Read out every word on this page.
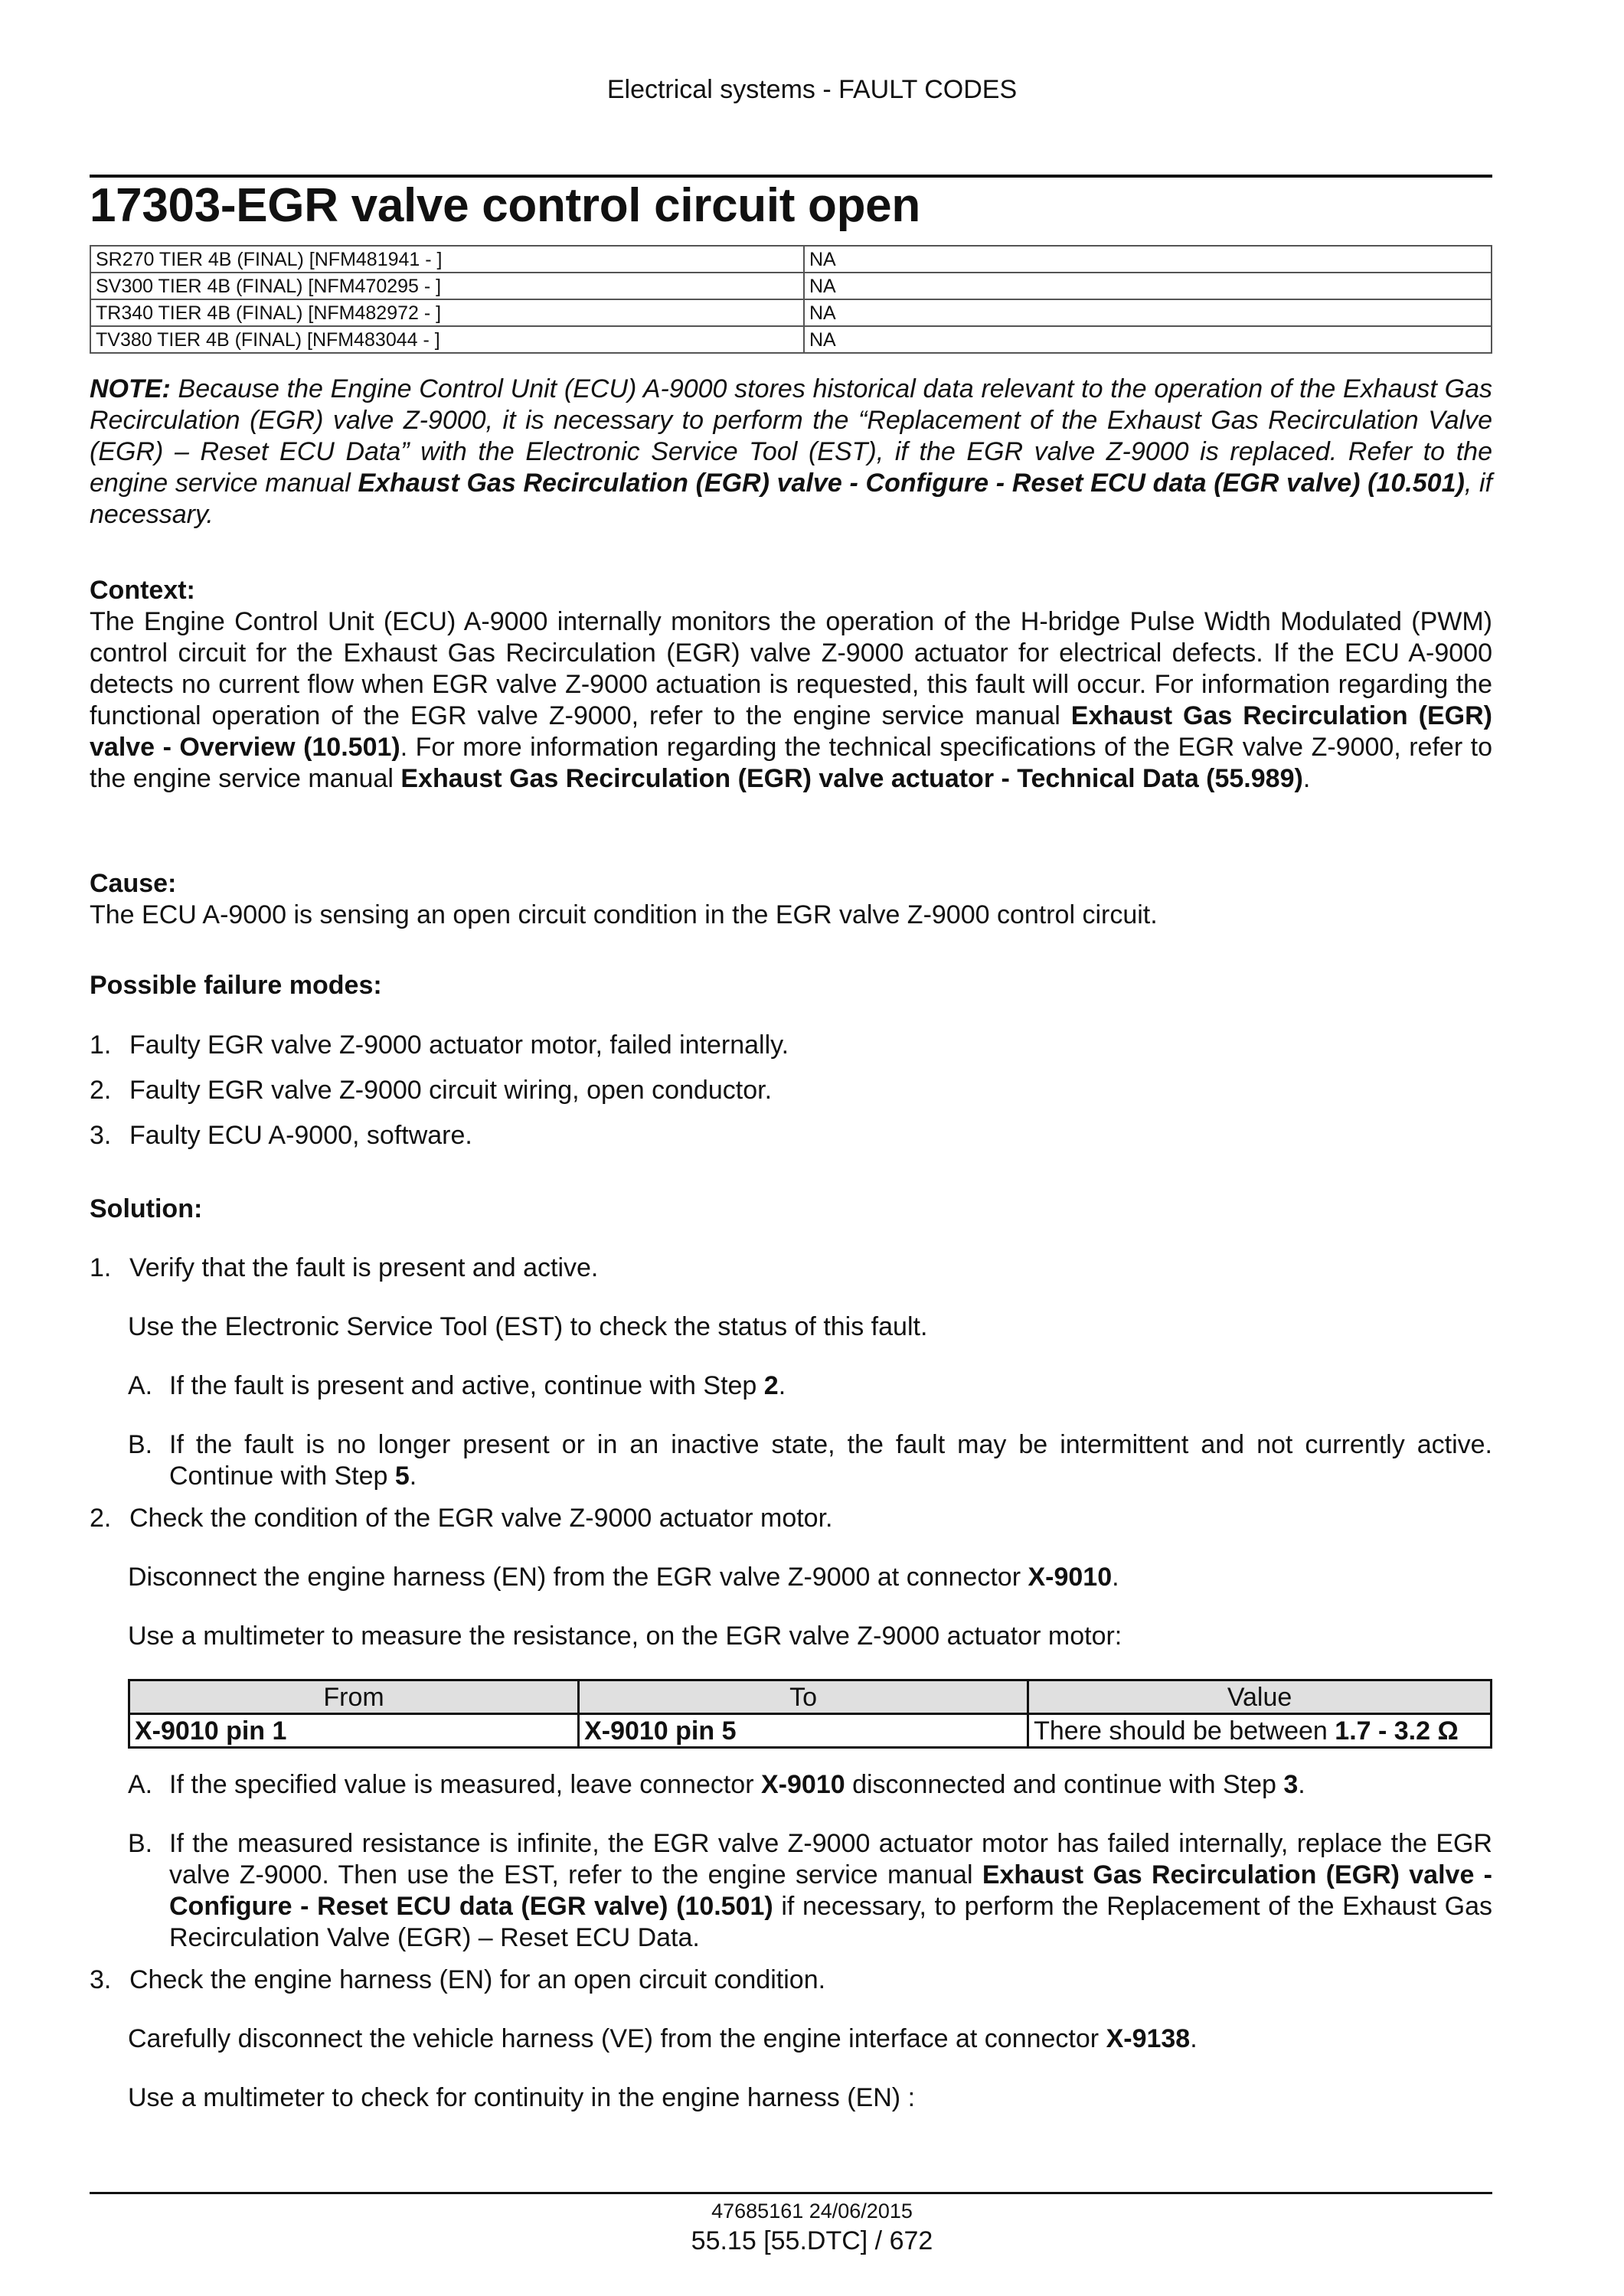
Electrical systems - FAULT CODES
17303-EGR valve control circuit open
SR270 TIER 4B (FINAL) [NFM481941 - ]	NA
SV300 TIER 4B (FINAL) [NFM470295 - ]	NA
TR340 TIER 4B (FINAL) [NFM482972 - ]	NA
TV380 TIER 4B (FINAL) [NFM483044 - ]	NA
NOTE: Because the Engine Control Unit (ECU) A-9000 stores historical data relevant to the operation of the Exhaust Gas Recirculation (EGR) valve Z-9000, it is necessary to perform the “Replacement of the Exhaust Gas Recirculation Valve (EGR) – Reset ECU Data” with the Electronic Service Tool (EST), if the EGR valve Z-9000 is replaced. Refer to the engine service manual Exhaust Gas Recirculation (EGR) valve - Configure - Reset ECU data (EGR valve) (10.501), if necessary.
Context:
The Engine Control Unit (ECU) A-9000 internally monitors the operation of the H-bridge Pulse Width Modulated (PWM) control circuit for the Exhaust Gas Recirculation (EGR) valve Z-9000 actuator for electrical defects. If the ECU A-9000 detects no current flow when EGR valve Z-9000 actuation is requested, this fault will occur. For information regarding the functional operation of the EGR valve Z-9000, refer to the engine service manual Exhaust Gas Recirculation (EGR) valve - Overview (10.501). For more information regarding the technical specifications of the EGR valve Z-9000, refer to the engine service manual Exhaust Gas Recirculation (EGR) valve actuator - Technical Data (55.989).
Cause:
The ECU A-9000 is sensing an open circuit condition in the EGR valve Z-9000 control circuit.
Possible failure modes:
1. Faulty EGR valve Z-9000 actuator motor, failed internally.
2. Faulty EGR valve Z-9000 circuit wiring, open conductor.
3. Faulty ECU A-9000, software.
Solution:
1. Verify that the fault is present and active.
Use the Electronic Service Tool (EST) to check the status of this fault.
A. If the fault is present and active, continue with Step 2.
B. If the fault is no longer present or in an inactive state, the fault may be intermittent and not currently active. Continue with Step 5.
2. Check the condition of the EGR valve Z-9000 actuator motor.
Disconnect the engine harness (EN) from the EGR valve Z-9000 at connector X-9010.
Use a multimeter to measure the resistance, on the EGR valve Z-9000 actuator motor:
From	To	Value
X-9010 pin 1	X-9010 pin 5	There should be between 1.7 - 3.2 Ω
A. If the specified value is measured, leave connector X-9010 disconnected and continue with Step 3.
B. If the measured resistance is infinite, the EGR valve Z-9000 actuator motor has failed internally, replace the EGR valve Z-9000. Then use the EST, refer to the engine service manual Exhaust Gas Recirculation (EGR) valve - Configure - Reset ECU data (EGR valve) (10.501) if necessary, to perform the Replacement of the Exhaust Gas Recirculation Valve (EGR) – Reset ECU Data.
3. Check the engine harness (EN) for an open circuit condition.
Carefully disconnect the vehicle harness (VE) from the engine interface at connector X-9138.
Use a multimeter to check for continuity in the engine harness (EN) :
47685161 24/06/2015
55.15 [55.DTC] / 672
